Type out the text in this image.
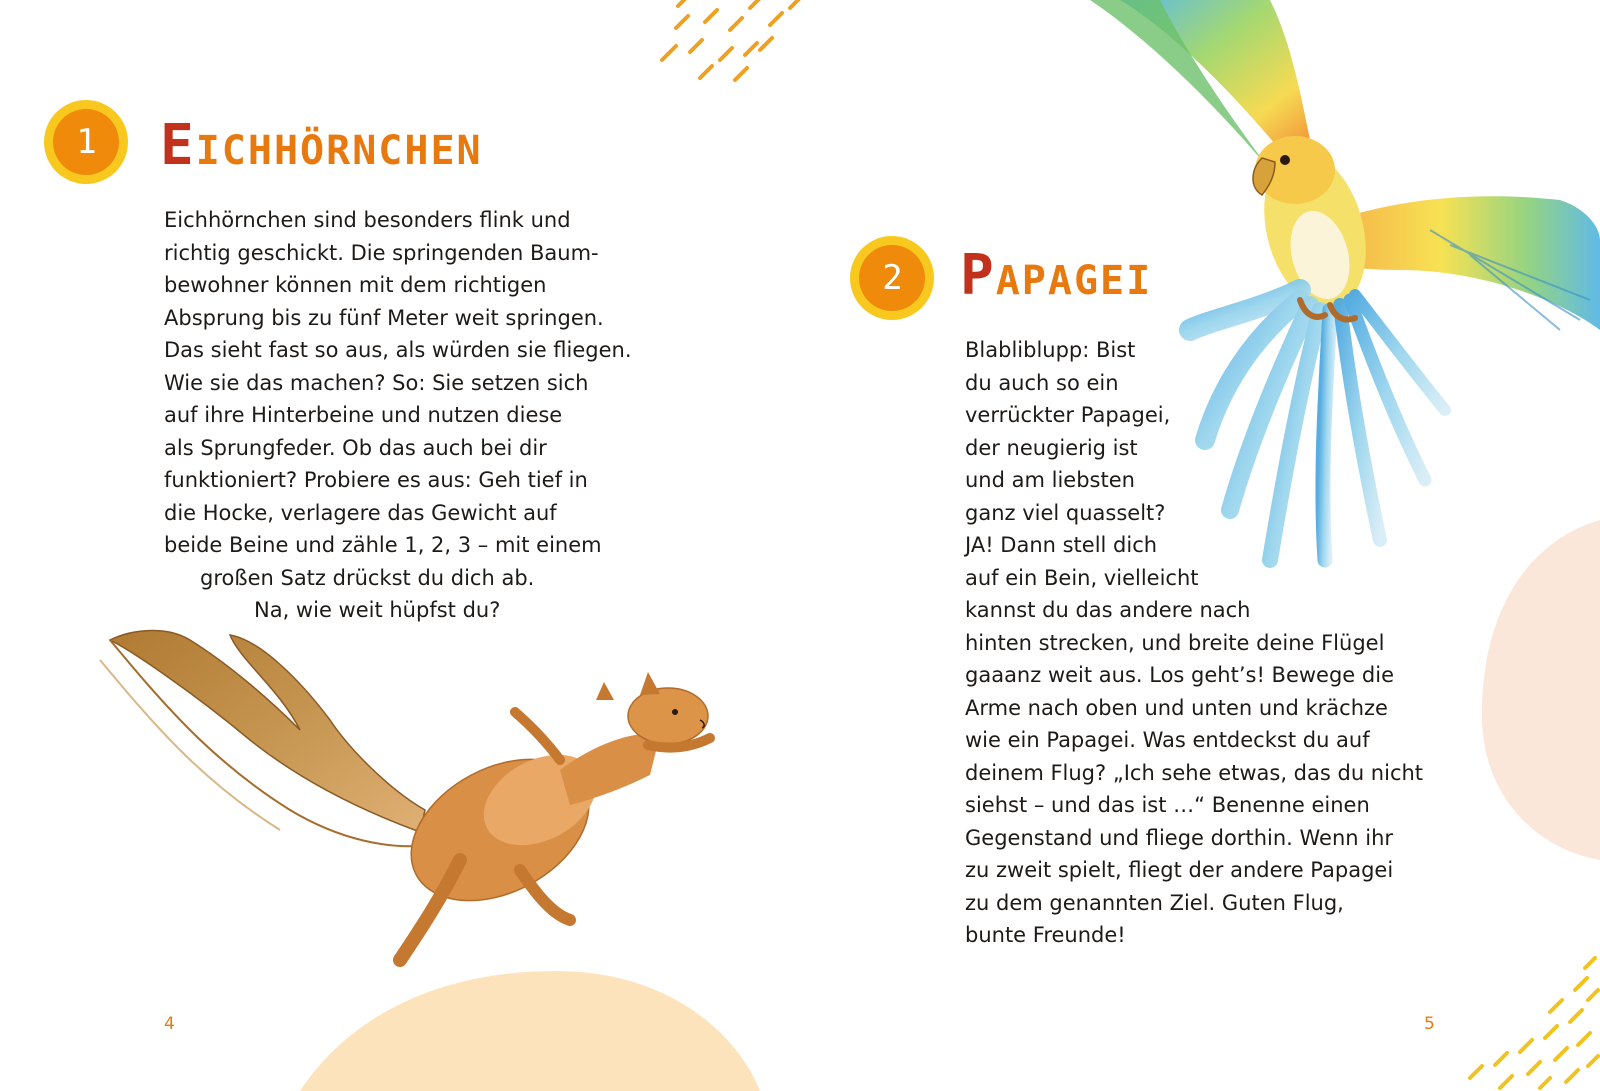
1	EICHHÖRNCHEN
Eichhörnchen sind besonders flink und
richtig geschickt. Die springenden Baum-
bewohner können mit dem richtigen
Absprung bis zu fünf Meter weit springen.
Das sieht fast so aus, als würden sie fliegen.
Wie sie das machen? So: Sie setzen sich
auf ihre Hinterbeine und nutzen diese
als Sprungfeder. Ob das auch bei dir
funktioniert? Probiere es aus: Geh tief in
die Hocke, verlagere das Gewicht auf
beide Beine und zähle 1, 2, 3 – mit einem
großen Satz drückst du dich ab.
Na, wie weit hüpfst du?
4
2	PAPAGEI
Blabliblupp: Bist
du auch so ein
verrückter Papagei,
der neugierig ist
und am liebsten
ganz viel quasselt?
JA! Dann stell dich
auf ein Bein, vielleicht
kannst du das andere nach
hinten strecken, und breite deine Flügel
gaaanz weit aus. Los geht’s! Bewege die
Arme nach oben und unten und krächze
wie ein Papagei. Was entdeckst du auf
deinem Flug? „Ich sehe etwas, das du nicht
siehst – und das ist …“ Benenne einen
Gegenstand und fliege dorthin. Wenn ihr
zu zweit spielt, fliegt der andere Papagei
zu dem genannten Ziel. Guten Flug,
bunte Freunde!
5
